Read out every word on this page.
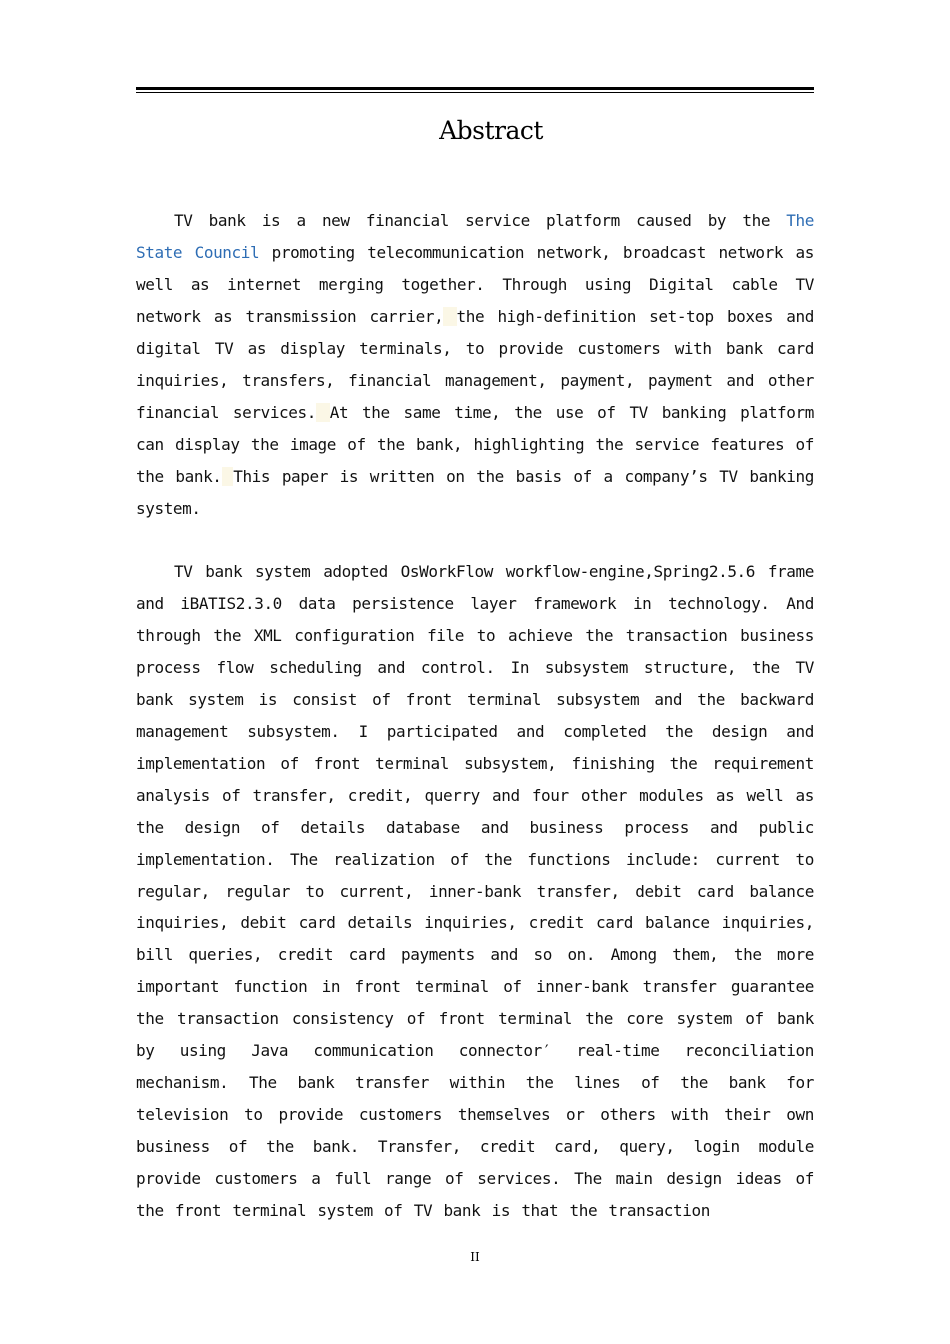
Abstract

TV bank is a new financial service platform caused by the The State Council promoting telecommunication network, broadcast network as well as internet merging together. Through using Digital cable TV network as transmission carrier, the high-definition set-top boxes and digital TV as display terminals, to provide customers with bank card inquiries, transfers, financial management, payment, payment and other financial services. At the same time, the use of TV banking platform can display the image of the bank, highlighting the service features of the bank. This paper is written on the basis of a company’s TV banking system.

TV bank system adopted OsWorkFlow workflow-engine,Spring2.5.6 frame and iBATIS2.3.0 data persistence layer framework in technology. And through the XML configuration file to achieve the transaction business process flow scheduling and control. In subsystem structure, the TV bank system is consist of front terminal subsystem and the backward management subsystem. I participated and completed the design and implementation of front terminal subsystem, finishing the requirement analysis of transfer, credit, querry and four other modules as well as the design of details database and business process and public implementation. The realization of the functions include: current to regular, regular to current, inner-bank transfer, debit card balance inquiries, debit card details inquiries, credit card balance inquiries, bill queries, credit card payments and so on. Among them, the more important function in front terminal of inner-bank transfer guarantee the transaction consistency of front terminal the core system of bank by using Java communication connector′ real-time reconciliation mechanism. The bank transfer within the lines of the bank for television to provide customers themselves or others with their own business of the bank. Transfer, credit card, query, login module provide customers a full range of services. The main design ideas of the front terminal system of TV bank is that the transaction

II
